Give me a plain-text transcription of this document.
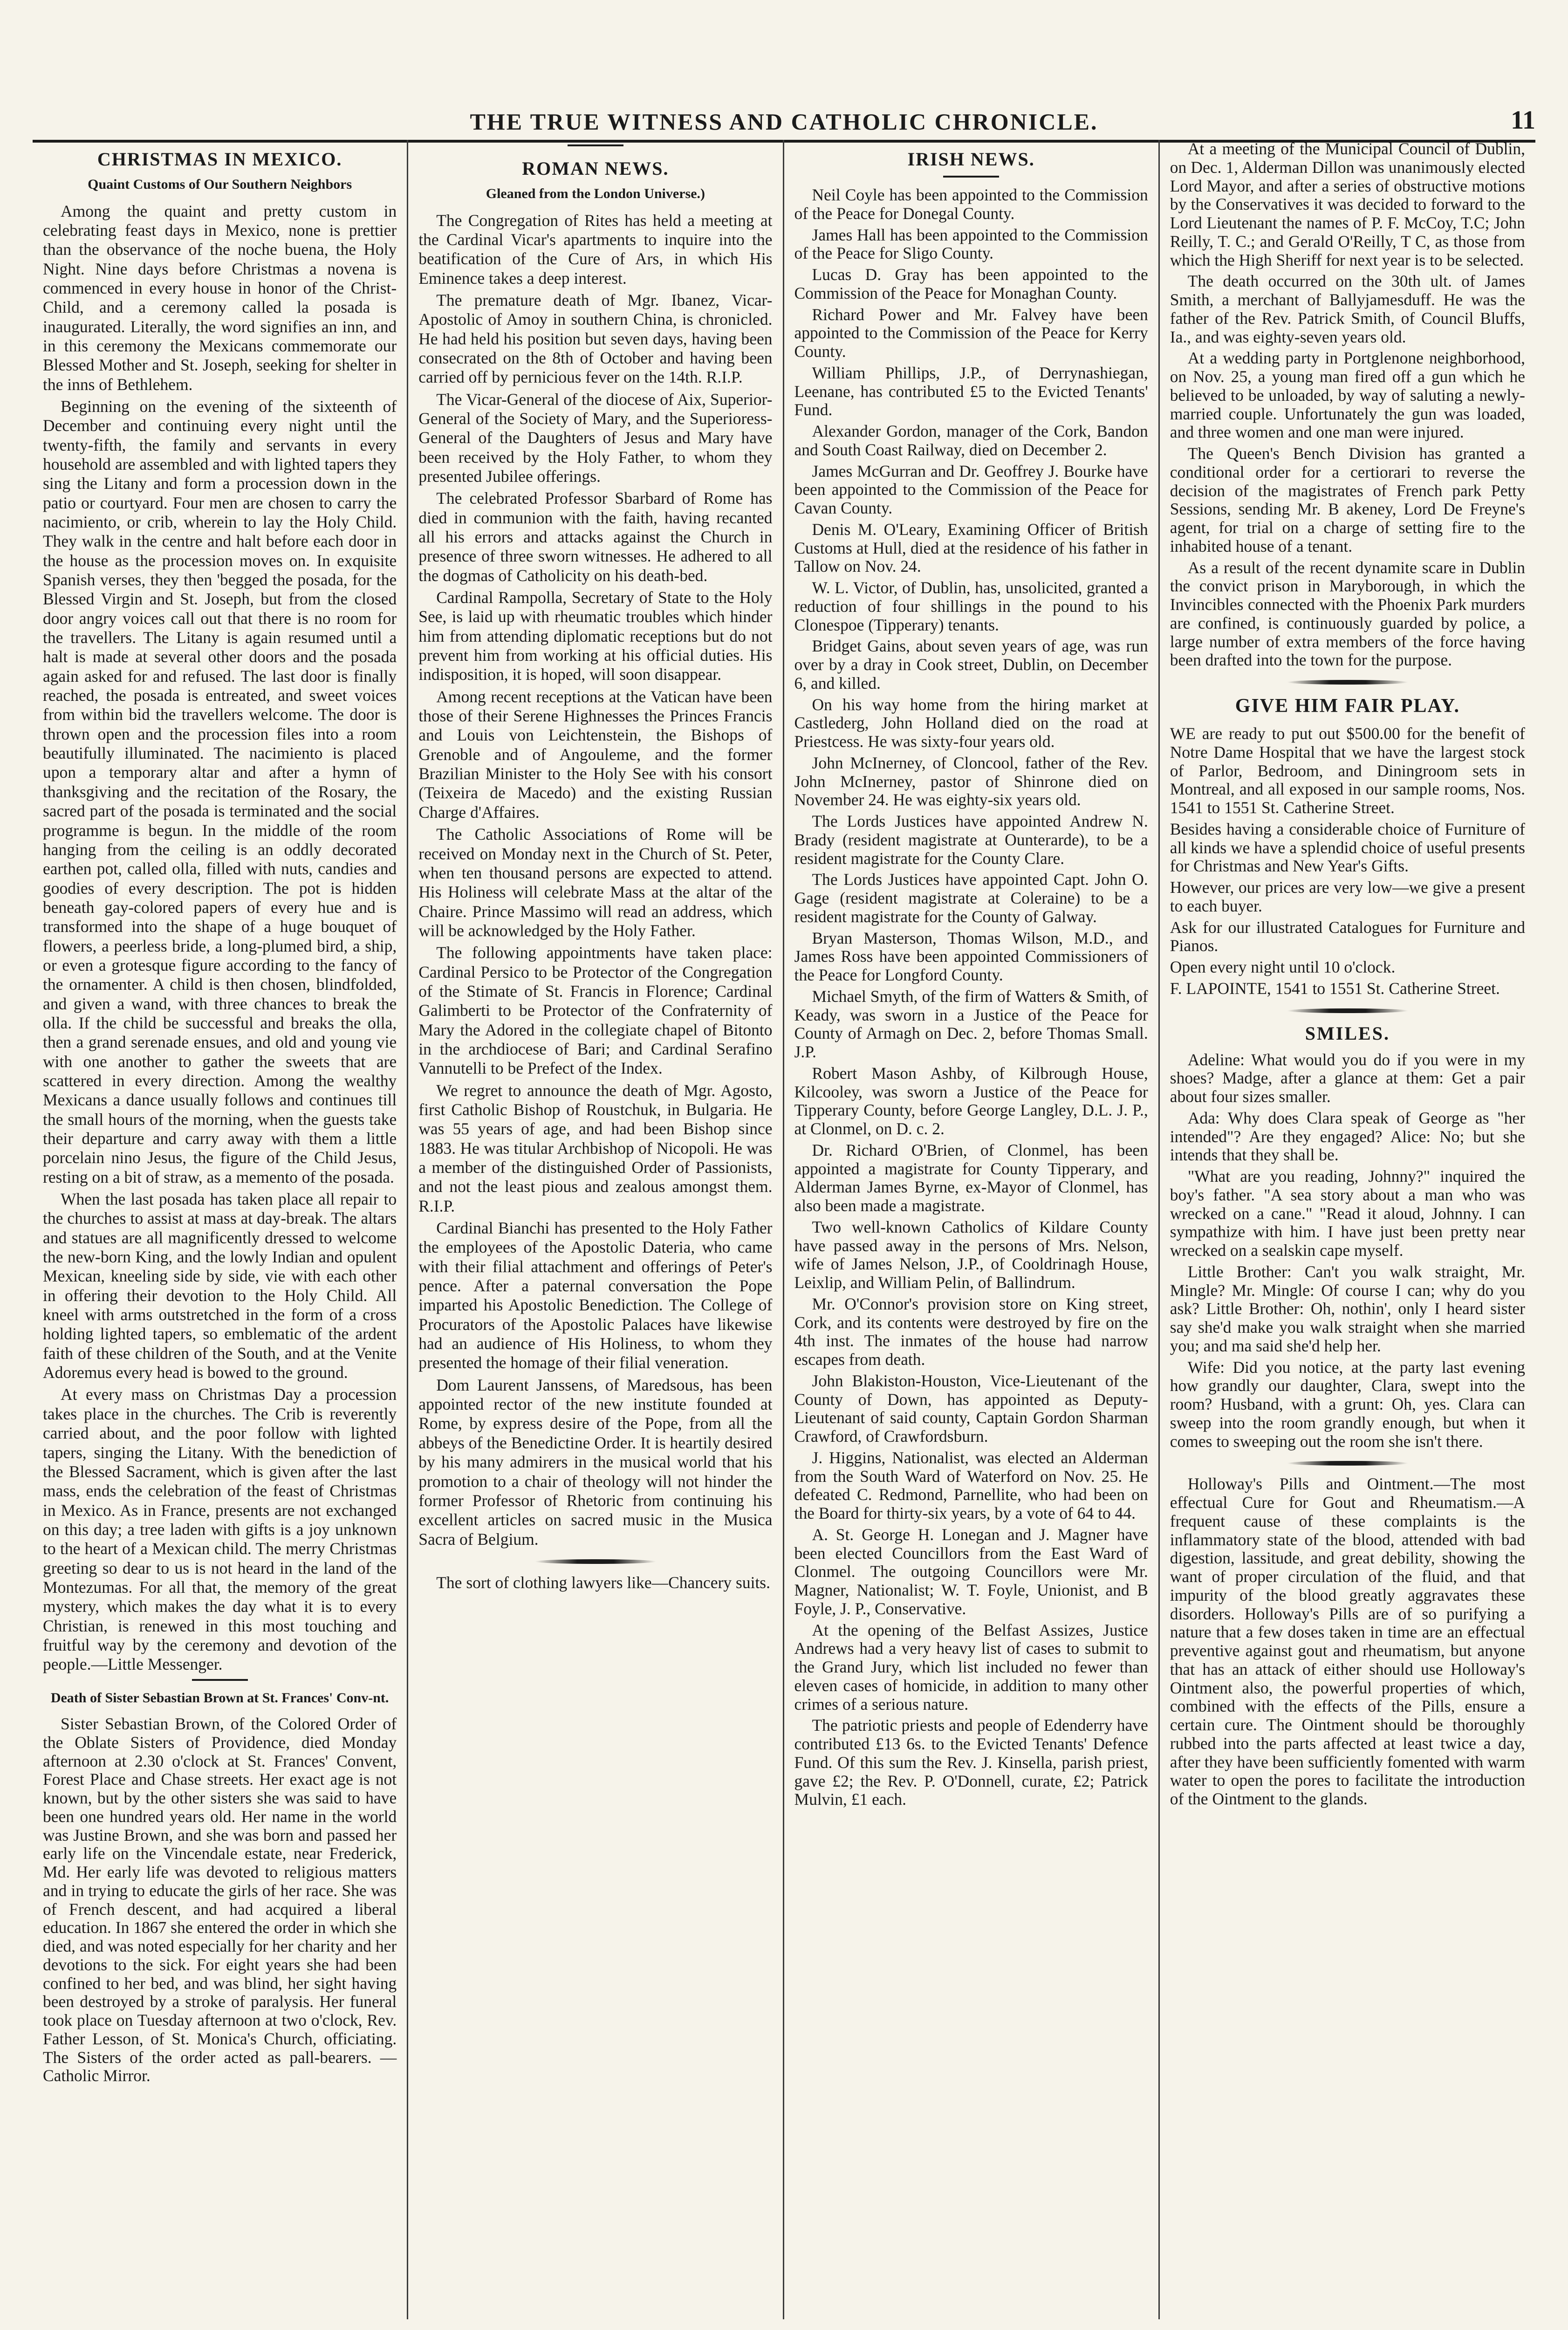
THE TRUE WITNESS AND CATHOLIC CHRONICLE.	11
CHRISTMAS IN MEXICO.
Quaint Customs of Our Southern Neighbors

Among the quaint and pretty custom in celebrating feast days in Mexico, none is prettier than the observance of the noche buena, the Holy Night. Nine days before Christmas a novena is commenced in every house in honor of the Christ-Child, and a ceremony called la posada is inaugurated. Literally, the word signifies an inn, and in this ceremony the Mexicans commemorate our Blessed Mother and St. Joseph, seeking for shelter in the inns of Bethlehem.

Beginning on the evening of the sixteenth of December and continuing every night until the twenty-fifth, the family and servants in every household are assembled and with lighted tapers they sing the Litany and form a procession down in the patio or courtyard. Four men are chosen to carry the nacimiento, or crib, wherein to lay the Holy Child. They walk in the centre and halt before each door in the house as the procession moves on. In exquisite Spanish verses, they then 'begged the posada, for the Blessed Virgin and St. Joseph, but from the closed door angry voices call out that there is no room for the travellers. The Litany is again resumed until a halt is made at several other doors and the posada again asked for and refused. The last door is finally reached, the posada is entreated, and sweet voices from within bid the travellers welcome. The door is thrown open and the procession files into a room beautifully illuminated. The nacimiento is placed upon a temporary altar and after a hymn of thanksgiving and the recitation of the Rosary, the sacred part of the posada is terminated and the social programme is begun. In the middle of the room hanging from the ceiling is an oddly decorated earthen pot, called olla, filled with nuts, candies and goodies of every description. The pot is hidden beneath gay-colored papers of every hue and is transformed into the shape of a huge bouquet of flowers, a peerless bride, a long-plumed bird, a ship, or even a grotesque figure according to the fancy of the ornamenter. A child is then chosen, blindfolded, and given a wand, with three chances to break the olla. If the child be successful and breaks the olla, then a grand serenade ensues, and old and young vie with one another to gather the sweets that are scattered in every direction. Among the wealthy Mexicans a dance usually follows and continues till the small hours of the morning, when the guests take their departure and carry away with them a little porcelain nino Jesus, the figure of the Child Jesus, resting on a bit of straw, as a memento of the posada.

When the last posada has taken place all repair to the churches to assist at mass at day-break. The altars and statues are all magnificently dressed to welcome the new-born King, and the lowly Indian and opulent Mexican, kneeling side by side, vie with each other in offering their devotion to the Holy Child. All kneel with arms outstretched in the form of a cross holding lighted tapers, so emblematic of the ardent faith of these children of the South, and at the Venite Adoremus every head is bowed to the ground.

At every mass on Christmas Day a procession takes place in the churches. The Crib is reverently carried about, and the poor follow with lighted tapers, singing the Litany. With the benediction of the Blessed Sacrament, which is given after the last mass, ends the celebration of the feast of Christmas in Mexico. As in France, presents are not exchanged on this day; a tree laden with gifts is a joy unknown to the heart of a Mexican child. The merry Christmas greeting so dear to us is not heard in the land of the Montezumas. For all that, the memory of the great mystery, which makes the day what it is to every Christian, is renewed in this most touching and fruitful way by the ceremony and devotion of the people.—Little Messenger.

Death of Sister Sebastian Brown at St. Frances' Conv-nt.

Sister Sebastian Brown, of the Colored Order of the Oblate Sisters of Providence, died Monday afternoon at 2.30 o'clock at St. Frances' Convent, Forest Place and Chase streets. Her exact age is not known, but by the other sisters she was said to have been one hundred years old. Her name in the world was Justine Brown, and she was born and passed her early life on the Vincendale estate, near Frederick, Md. Her early life was devoted to religious matters and in trying to educate the girls of her race. She was of French descent, and had acquired a liberal education. In 1867 she entered the order in which she died, and was noted especially for her charity and her devotions to the sick. For eight years she had been confined to her bed, and was blind, her sight having been destroyed by a stroke of paralysis. Her funeral took place on Tuesday afternoon at two o'clock, Rev. Father Lesson, of St. Monica's Church, officiating. The Sisters of the order acted as pall-bearers. —Catholic Mirror.

ROMAN NEWS.
Gleaned from the London Universe.)

The Congregation of Rites has held a meeting at the Cardinal Vicar's apartments to inquire into the beatification of the Cure of Ars, in which His Eminence takes a deep interest.

The premature death of Mgr. Ibanez, Vicar-Apostolic of Amoy in southern China, is chronicled. He had held his position but seven days, having been consecrated on the 8th of October and having been carried off by pernicious fever on the 14th. R.I.P.

The Vicar-General of the diocese of Aix, Superior-General of the Society of Mary, and the Superioress-General of the Daughters of Jesus and Mary have been received by the Holy Father, to whom they presented Jubilee offerings.

The celebrated Professor Sbarbard of Rome has died in communion with the faith, having recanted all his errors and attacks against the Church in presence of three sworn witnesses. He adhered to all the dogmas of Catholicity on his death-bed.

Cardinal Rampolla, Secretary of State to the Holy See, is laid up with rheumatic troubles which hinder him from attending diplomatic receptions but do not prevent him from working at his official duties. His indisposition, it is hoped, will soon disappear.

Among recent receptions at the Vatican have been those of their Serene Highnesses the Princes Francis and Louis von Leichtenstein, the Bishops of Grenoble and of Angouleme, and the former Brazilian Minister to the Holy See with his consort (Teixeira de Macedo) and the existing Russian Charge d'Affaires.

The Catholic Associations of Rome will be received on Monday next in the Church of St. Peter, when ten thousand persons are expected to attend. His Holiness will celebrate Mass at the altar of the Chaire. Prince Massimo will read an address, which will be acknowledged by the Holy Father.

The following appointments have taken place: Cardinal Persico to be Protector of the Congregation of the Stimate of St. Francis in Florence; Cardinal Galimberti to be Protector of the Confraternity of Mary the Adored in the collegiate chapel of Bitonto in the archdiocese of Bari; and Cardinal Serafino Vannutelli to be Prefect of the Index.

We regret to announce the death of Mgr. Agosto, first Catholic Bishop of Roustchuk, in Bulgaria. He was 55 years of age, and had been Bishop since 1883. He was titular Archbishop of Nicopoli. He was a member of the distinguished Order of Passionists, and not the least pious and zealous amongst them. R.I.P.

Cardinal Bianchi has presented to the Holy Father the employees of the Apostolic Dateria, who came with their filial attachment and offerings of Peter's pence. After a paternal conversation the Pope imparted his Apostolic Benediction. The College of Procurators of the Apostolic Palaces have likewise had an audience of His Holiness, to whom they presented the homage of their filial veneration.

Dom Laurent Janssens, of Maredsous, has been appointed rector of the new institute founded at Rome, by express desire of the Pope, from all the abbeys of the Benedictine Order. It is heartily desired by his many admirers in the musical world that his promotion to a chair of theology will not hinder the former Professor of Rhetoric from continuing his excellent articles on sacred music in the Musica Sacra of Belgium.

The sort of clothing lawyers like—Chancery suits.

IRISH NEWS.

Neil Coyle has been appointed to the Commission of the Peace for Donegal County.

James Hall has been appointed to the Commission of the Peace for Sligo County.

Lucas D. Gray has been appointed to the Commission of the Peace for Monaghan County.

Richard Power and Mr. Falvey have been appointed to the Commission of the Peace for Kerry County.

William Phillips, J.P., of Derrynashiegan, Leenane, has contributed £5 to the Evicted Tenants' Fund.

Alexander Gordon, manager of the Cork, Bandon and South Coast Railway, died on December 2.

James McGurran and Dr. Geoffrey J. Bourke have been appointed to the Commission of the Peace for Cavan County.

Denis M. O'Leary, Examining Officer of British Customs at Hull, died at the residence of his father in Tallow on Nov. 24.

W. L. Victor, of Dublin, has, unsolicited, granted a reduction of four shillings in the pound to his Clonespoe (Tipperary) tenants.

Bridget Gains, about seven years of age, was run over by a dray in Cook street, Dublin, on December 6, and killed.

On his way home from the hiring market at Castlederg, John Holland died on the road at Priestcess. He was sixty-four years old.

John McInerney, of Cloncool, father of the Rev. John McInerney, pastor of Shinrone died on November 24. He was eighty-six years old.

The Lords Justices have appointed Andrew N. Brady (resident magistrate at Ounterarde), to be a resident magistrate for the County Clare.

The Lords Justices have appointed Capt. John O. Gage (resident magistrate at Coleraine) to be a resident magistrate for the County of Galway.

Bryan Masterson, Thomas Wilson, M.D., and James Ross have been appointed Commissioners of the Peace for Longford County.

Michael Smyth, of the firm of Watters & Smith, of Keady, was sworn in a Justice of the Peace for County of Armagh on Dec. 2, before Thomas Small. J.P.

Robert Mason Ashby, of Kilbrough House, Kilcooley, was sworn a Justice of the Peace for Tipperary County, before George Langley, D.L. J. P., at Clonmel, on D. c. 2.

Dr. Richard O'Brien, of Clonmel, has been appointed a magistrate for County Tipperary, and Alderman James Byrne, ex-Mayor of Clonmel, has also been made a magistrate.

Two well-known Catholics of Kildare County have passed away in the persons of Mrs. Nelson, wife of James Nelson, J.P., of Cooldrinagh House, Leixlip, and William Pelin, of Ballindrum.

Mr. O'Connor's provision store on King street, Cork, and its contents were destroyed by fire on the 4th inst. The inmates of the house had narrow escapes from death.

John Blakiston-Houston, Vice-Lieutenant of the County of Down, has appointed as Deputy-Lieutenant of said county, Captain Gordon Sharman Crawford, of Crawfordsburn.

J. Higgins, Nationalist, was elected an Alderman from the South Ward of Waterford on Nov. 25. He defeated C. Redmond, Parnellite, who had been on the Board for thirty-six years, by a vote of 64 to 44.

A. St. George H. Lonegan and J. Magner have been elected Councillors from the East Ward of Clonmel. The outgoing Councillors were Mr. Magner, Nationalist; W. T. Foyle, Unionist, and B Foyle, J. P., Conservative.

At the opening of the Belfast Assizes, Justice Andrews had a very heavy list of cases to submit to the Grand Jury, which list included no fewer than eleven cases of homicide, in addition to many other crimes of a serious nature.

The patriotic priests and people of Edenderry have contributed £13 6s. to the Evicted Tenants' Defence Fund. Of this sum the Rev. J. Kinsella, parish priest, gave £2; the Rev. P. O'Donnell, curate, £2; Patrick Mulvin, £1 each.

At a meeting of the Municipal Council of Dublin, on Dec. 1, Alderman Dillon was unanimously elected Lord Mayor, and after a series of obstructive motions by the Conservatives it was decided to forward to the Lord Lieutenant the names of P. F. McCoy, T.C; John Reilly, T. C.; and Gerald O'Reilly, T C, as those from which the High Sheriff for next year is to be selected.

The death occurred on the 30th ult. of James Smith, a merchant of Ballyjamesduff. He was the father of the Rev. Patrick Smith, of Council Bluffs, Ia., and was eighty-seven years old.

At a wedding party in Portglenone neighborhood, on Nov. 25, a young man fired off a gun which he believed to be unloaded, by way of saluting a newly-married couple. Unfortunately the gun was loaded, and three women and one man were injured.

The Queen's Bench Division has granted a conditional order for a certiorari to reverse the decision of the magistrates of French park Petty Sessions, sending Mr. B akeney, Lord De Freyne's agent, for trial on a charge of setting fire to the inhabited house of a tenant.

As a result of the recent dynamite scare in Dublin the convict prison in Maryborough, in which the Invincibles connected with the Phoenix Park murders are confined, is continuously guarded by police, a large number of extra members of the force having been drafted into the town for the purpose.

GIVE HIM FAIR PLAY.

WE are ready to put out $500.00 for the benefit of Notre Dame Hospital that we have the largest stock of Parlor, Bedroom, and Diningroom sets in Montreal, and all exposed in our sample rooms, Nos. 1541 to 1551 St. Catherine Street.

Besides having a considerable choice of Furniture of all kinds we have a splendid choice of useful presents for Christmas and New Year's Gifts.

However, our prices are very low—we give a present to each buyer.

Ask for our illustrated Catalogues for Furniture and Pianos.

Open every night until 10 o'clock.

F. LAPOINTE, 1541 to 1551 St. Catherine Street.

SMILES.

Adeline: What would you do if you were in my shoes? Madge, after a glance at them: Get a pair about four sizes smaller.

Ada: Why does Clara speak of George as "her intended"? Are they engaged? Alice: No; but she intends that they shall be.

"What are you reading, Johnny?" inquired the boy's father. "A sea story about a man who was wrecked on a cane." "Read it aloud, Johnny. I can sympathize with him. I have just been pretty near wrecked on a sealskin cape myself.

Little Brother: Can't you walk straight, Mr. Mingle? Mr. Mingle: Of course I can; why do you ask? Little Brother: Oh, nothin', only I heard sister say she'd make you walk straight when she married you; and ma said she'd help her.

Wife: Did you notice, at the party last evening how grandly our daughter, Clara, swept into the room? Husband, with a grunt: Oh, yes. Clara can sweep into the room grandly enough, but when it comes to sweeping out the room she isn't there.

Holloway's Pills and Ointment.—The most effectual Cure for Gout and Rheumatism.—A frequent cause of these complaints is the inflammatory state of the blood, attended with bad digestion, lassitude, and great debility, showing the want of proper circulation of the fluid, and that impurity of the blood greatly aggravates these disorders. Holloway's Pills are of so purifying a nature that a few doses taken in time are an effectual preventive against gout and rheumatism, but anyone that has an attack of either should use Holloway's Ointment also, the powerful properties of which, combined with the effects of the Pills, ensure a certain cure. The Ointment should be thoroughly rubbed into the parts affected at least twice a day, after they have been sufficiently fomented with warm water to open the pores to facilitate the introduction of the Ointment to the glands.
